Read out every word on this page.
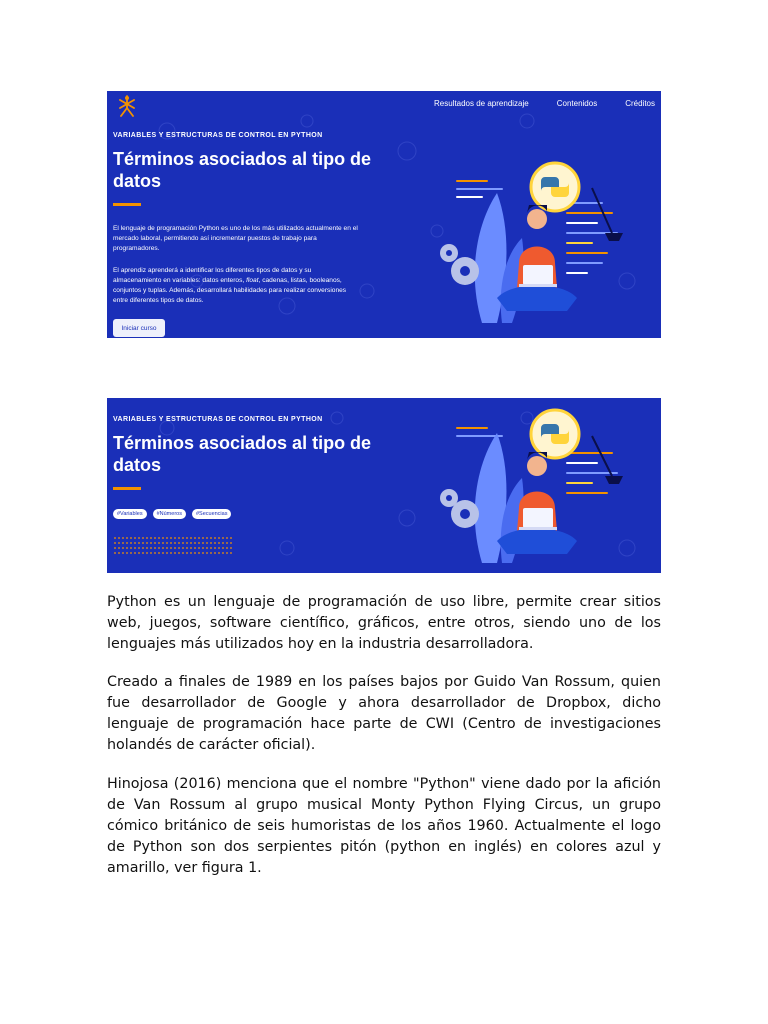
Resultados de aprendizaje	Contenidos	Créditos
VARIABLES Y ESTRUCTURAS DE CONTROL EN PYTHON
Términos asociados al tipo de datos
El lenguaje de programación Python es uno de los más utilizados actualmente en el mercado laboral, permitiendo así incrementar puestos de trabajo para programadores.
El aprendiz aprenderá a identificar los diferentes tipos de datos y su almacenamiento en variables: datos enteros, float, cadenas, listas, booleanos, conjuntos y tuplas. Además, desarrollará habilidades para realizar conversiones entre diferentes tipos de datos.
Iniciar curso
VARIABLES Y ESTRUCTURAS DE CONTROL EN PYTHON
Términos asociados al tipo de datos
#Variables	#Números	#Secuencias

Python es un lenguaje de programación de uso libre, permite crear sitios web, juegos, software científico, gráficos, entre otros, siendo uno de los lenguajes más utilizados hoy en la industria desarrolladora.

Creado a finales de 1989 en los países bajos por Guido Van Rossum, quien fue desarrollador de Google y ahora desarrollador de Dropbox, dicho lenguaje de programación hace parte de CWI (Centro de investigaciones holandés de carácter oficial).

Hinojosa (2016) menciona que el nombre "Python" viene dado por la afición de Van Rossum al grupo musical Monty Python Flying Circus, un grupo cómico británico de seis humoristas de los años 1960. Actualmente el logo de Python son dos serpientes pitón (python en inglés) en colores azul y amarillo, ver figura 1.
